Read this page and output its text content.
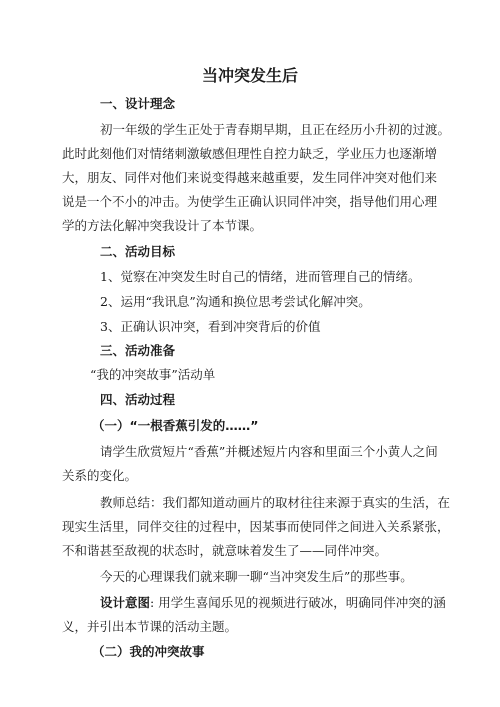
当冲突发生后
一、设计理念
初一年级的学生正处于青春期早期，且正在经历小升初的过渡。
此时此刻他们对情绪刺激敏感但理性自控力缺乏，学业压力也逐渐增
大，朋友、同伴对他们来说变得越来越重要，发生同伴冲突对他们来
说是一个不小的冲击。为使学生正确认识同伴冲突，指导他们用心理
学的方法化解冲突我设计了本节课。
二、活动目标
1、觉察在冲突发生时自己的情绪，进而管理自己的情绪。
2、运用“我讯息”沟通和换位思考尝试化解冲突。
3、正确认识冲突，看到冲突背后的价值
三、活动准备
“我的冲突故事”活动单
四、活动过程
（一）“一根香蕉引发的……”
请学生欣赏短片“香蕉”并概述短片内容和里面三个小黄人之间
关系的变化。
教师总结：我们都知道动画片的取材往往来源于真实的生活，在
现实生活里，同伴交往的过程中，因某事而使同伴之间进入关系紧张，
不和谐甚至敌视的状态时，就意味着发生了——同伴冲突。
今天的心理课我们就来聊一聊“当冲突发生后”的那些事。
设计意图: 用学生喜闻乐见的视频进行破冰，明确同伴冲突的涵
义，并引出本节课的活动主题。
（二）我的冲突故事
